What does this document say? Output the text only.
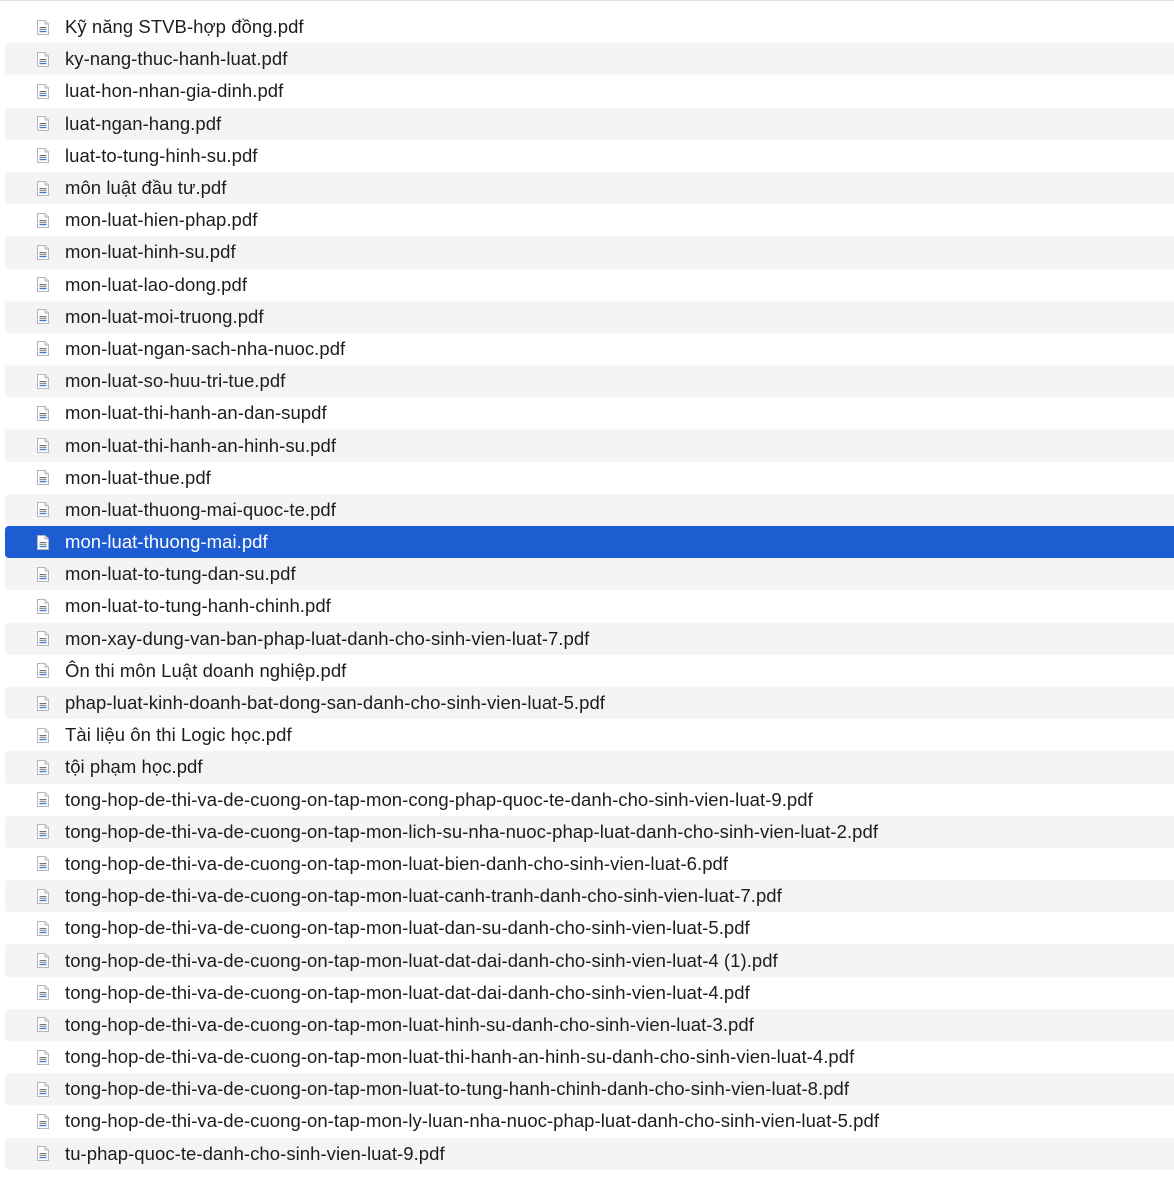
Kỹ năng STVB-hợp đồng.pdf
ky-nang-thuc-hanh-luat.pdf
luat-hon-nhan-gia-dinh.pdf
luat-ngan-hang.pdf
luat-to-tung-hinh-su.pdf
môn luật đầu tư.pdf
mon-luat-hien-phap.pdf
mon-luat-hinh-su.pdf
mon-luat-lao-dong.pdf
mon-luat-moi-truong.pdf
mon-luat-ngan-sach-nha-nuoc.pdf
mon-luat-so-huu-tri-tue.pdf
mon-luat-thi-hanh-an-dan-supdf
mon-luat-thi-hanh-an-hinh-su.pdf
mon-luat-thue.pdf
mon-luat-thuong-mai-quoc-te.pdf
mon-luat-thuong-mai.pdf
mon-luat-to-tung-dan-su.pdf
mon-luat-to-tung-hanh-chinh.pdf
mon-xay-dung-van-ban-phap-luat-danh-cho-sinh-vien-luat-7.pdf
Ôn thi môn Luật doanh nghiệp.pdf
phap-luat-kinh-doanh-bat-dong-san-danh-cho-sinh-vien-luat-5.pdf
Tài liệu ôn thi Logic học.pdf
tội phạm học.pdf
tong-hop-de-thi-va-de-cuong-on-tap-mon-cong-phap-quoc-te-danh-cho-sinh-vien-luat-9.pdf
tong-hop-de-thi-va-de-cuong-on-tap-mon-lich-su-nha-nuoc-phap-luat-danh-cho-sinh-vien-luat-2.pdf
tong-hop-de-thi-va-de-cuong-on-tap-mon-luat-bien-danh-cho-sinh-vien-luat-6.pdf
tong-hop-de-thi-va-de-cuong-on-tap-mon-luat-canh-tranh-danh-cho-sinh-vien-luat-7.pdf
tong-hop-de-thi-va-de-cuong-on-tap-mon-luat-dan-su-danh-cho-sinh-vien-luat-5.pdf
tong-hop-de-thi-va-de-cuong-on-tap-mon-luat-dat-dai-danh-cho-sinh-vien-luat-4 (1).pdf
tong-hop-de-thi-va-de-cuong-on-tap-mon-luat-dat-dai-danh-cho-sinh-vien-luat-4.pdf
tong-hop-de-thi-va-de-cuong-on-tap-mon-luat-hinh-su-danh-cho-sinh-vien-luat-3.pdf
tong-hop-de-thi-va-de-cuong-on-tap-mon-luat-thi-hanh-an-hinh-su-danh-cho-sinh-vien-luat-4.pdf
tong-hop-de-thi-va-de-cuong-on-tap-mon-luat-to-tung-hanh-chinh-danh-cho-sinh-vien-luat-8.pdf
tong-hop-de-thi-va-de-cuong-on-tap-mon-ly-luan-nha-nuoc-phap-luat-danh-cho-sinh-vien-luat-5.pdf
tu-phap-quoc-te-danh-cho-sinh-vien-luat-9.pdf
